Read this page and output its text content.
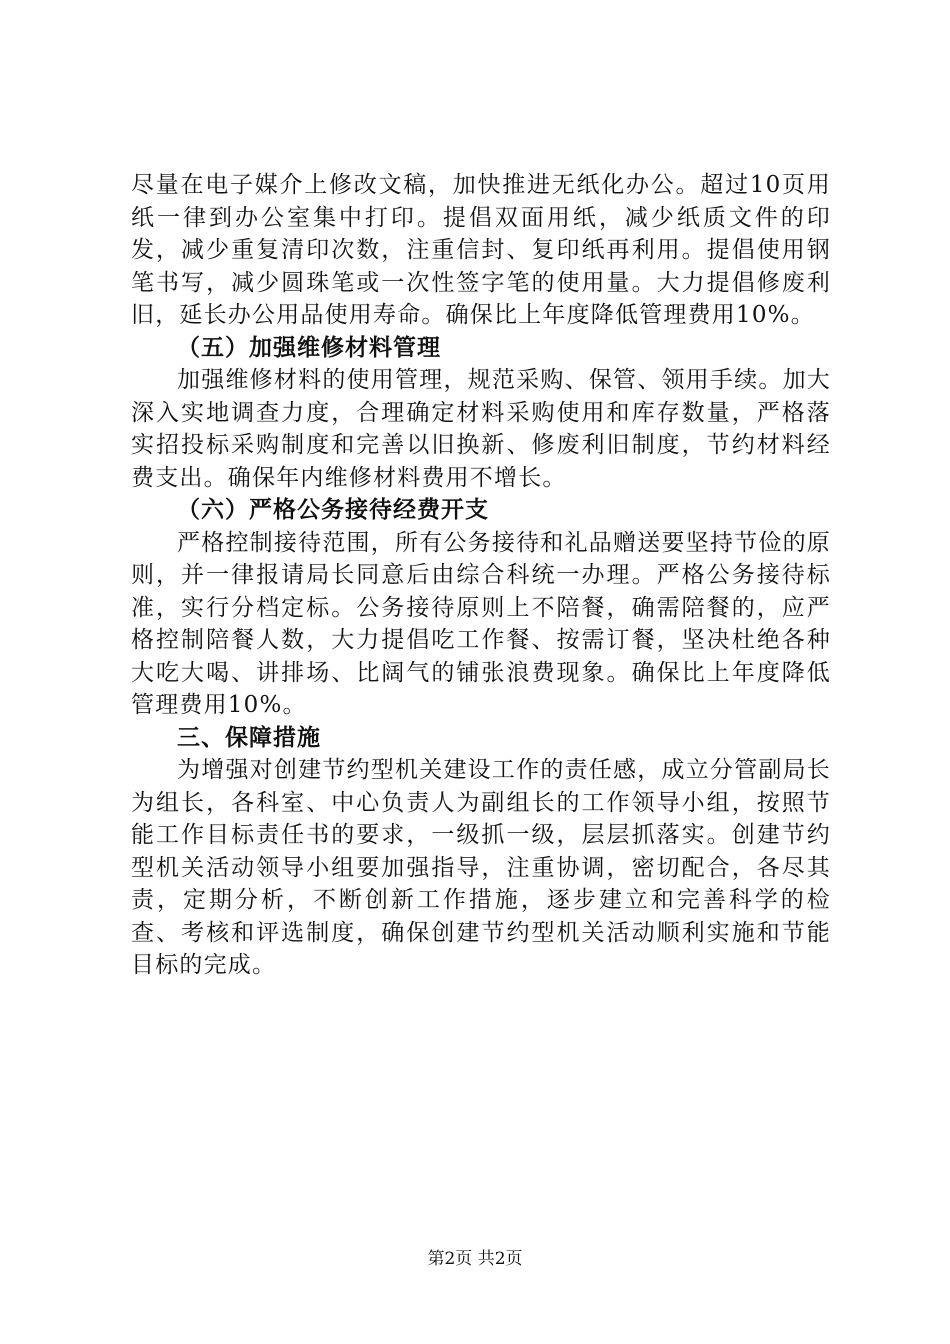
尽量在电子媒介上修改文稿，加快推进无纸化办公。超过10页用纸一律到办公室集中打印。提倡双面用纸，减少纸质文件的印发，减少重复清印次数，注重信封、复印纸再利用。提倡使用钢笔书写，减少圆珠笔或一次性签字笔的使用量。大力提倡修废利旧，延长办公用品使用寿命。确保比上年度降低管理费用10%。

（五）加强维修材料管理

加强维修材料的使用管理，规范采购、保管、领用手续。加大深入实地调查力度，合理确定材料采购使用和库存数量，严格落实招投标采购制度和完善以旧换新、修废利旧制度，节约材料经费支出。确保年内维修材料费用不增长。

（六）严格公务接待经费开支

严格控制接待范围，所有公务接待和礼品赠送要坚持节俭的原则，并一律报请局长同意后由综合科统一办理。严格公务接待标准，实行分档定标。公务接待原则上不陪餐，确需陪餐的，应严格控制陪餐人数，大力提倡吃工作餐、按需订餐，坚决杜绝各种大吃大喝、讲排场、比阔气的铺张浪费现象。确保比上年度降低管理费用10%。

三、保障措施

为增强对创建节约型机关建设工作的责任感，成立分管副局长为组长，各科室、中心负责人为副组长的工作领导小组，按照节能工作目标责任书的要求，一级抓一级，层层抓落实。创建节约型机关活动领导小组要加强指导，注重协调，密切配合，各尽其责，定期分析，不断创新工作措施，逐步建立和完善科学的检查、考核和评选制度，确保创建节约型机关活动顺利实施和节能目标的完成。

第2页 共2页
